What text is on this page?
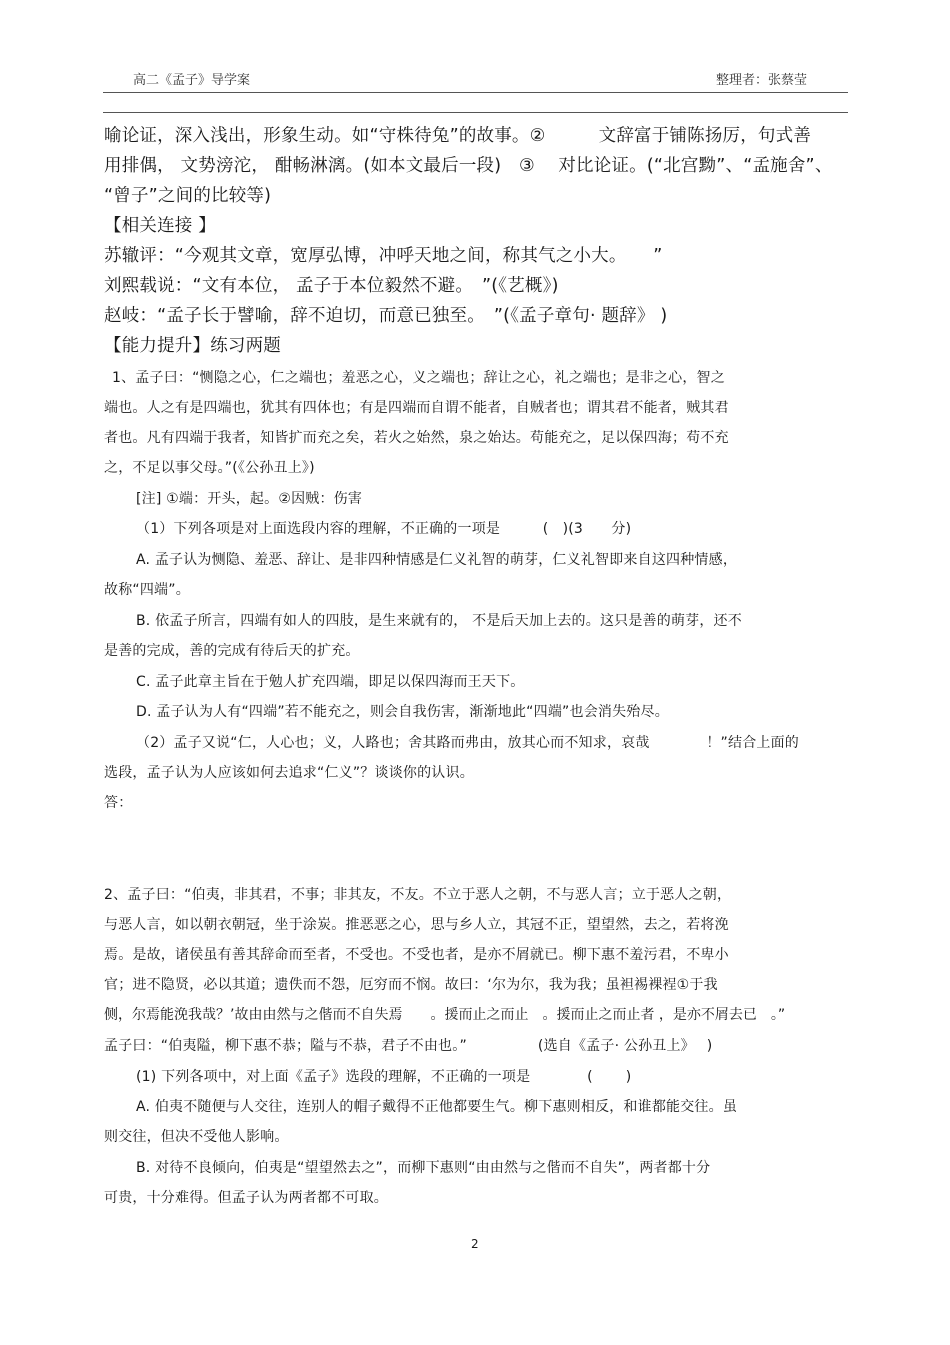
高二《孟子》导学案	整理者：张蔡莹
喻论证，深入浅出，形象生动。如“守株待兔”的故事。②　　　文辞富于铺陈扬厉，句式善
用排偶， 文势滂沱， 酣畅淋漓。(如本文最后一段)　③　 对比论证。(“北宫黝”、“孟施舍”、
“曾子”之间的比较等)
【相关连接 】
苏辙评：“今观其文章，宽厚弘博，冲呼天地之间，称其气之小大。　　”
刘熙载说：“文有本位， 孟子于本位毅然不避。　”(《艺概》)
赵岐：“孟子长于譬喻，辞不迫切，而意已独至。　”(《孟子章句· 题辞》 )
【能力提升】练习两题
1、孟子曰：“恻隐之心，仁之端也；羞恶之心，义之端也；辞让之心，礼之端也；是非之心，智之
端也。人之有是四端也，犹其有四体也；有是四端而自谓不能者，自贼者也；谓其君不能者，贼其君
者也。凡有四端于我者，知皆扩而充之矣，若火之始然，泉之始达。苟能充之，足以保四海；苟不充
之，不足以事父母。”(《公孙丑上》)
[注] ①端：开头，起。②因贼：伤害
（1）下列各项是对上面选段内容的理解，不正确的一项是　　　(　)(3　　分)
A. 孟子认为恻隐、羞恶、辞让、是非四种情感是仁义礼智的萌芽，仁义礼智即来自这四种情感，
故称“四端”。
B. 依孟子所言，四端有如人的四肢，是生来就有的， 不是后天加上去的。这只是善的萌芽，还不
是善的完成，善的完成有待后天的扩充。
C. 孟子此章主旨在于勉人扩充四端，即足以保四海而王天下。
D. 孟子认为人有“四端”若不能充之，则会自我伤害，渐渐地此“四端”也会消失殆尽。
（2）孟子又说“仁，人心也；义，人路也；舍其路而弗由，放其心而不知求，哀哉　　　　！”结合上面的
选段，孟子认为人应该如何去追求“仁义”？谈谈你的认识。
答：
2、孟子曰：“伯夷，非其君，不事；非其友，不友。不立于恶人之朝，不与恶人言；立于恶人之朝，
与恶人言，如以朝衣朝冠，坐于涂炭。推恶恶之心，思与乡人立，其冠不正，望望然，去之，若将浼
焉。是故，诸侯虽有善其辞命而至者，不受也。不受也者，是亦不屑就已。柳下惠不羞污君，不卑小
官；进不隐贤，必以其道；遗佚而不怨，厄穷而不悯。故曰：‘尔为尔，我为我；虽袒裼裸裎①于我
侧，尔焉能浼我哉？’故由由然与之偕而不自失焉　　。援而止之而止　。援而止之而止者 ，是亦不屑去已　。”
孟子曰：“伯夷隘，柳下惠不恭；隘与不恭，君子不由也。”　　　　　(选自《孟子· 公孙丑上》　 )
(1) 下列各项中，对上面《孟子》选段的理解，不正确的一项是　　　　(　　 )
A. 伯夷不随便与人交往，连别人的帽子戴得不正他都要生气。柳下惠则相反，和谁都能交往。虽
则交往，但决不受他人影响。
B. 对待不良倾向，伯夷是“望望然去之”，而柳下惠则“由由然与之偕而不自失”，两者都十分
可贵，十分难得。但孟子认为两者都不可取。
2
